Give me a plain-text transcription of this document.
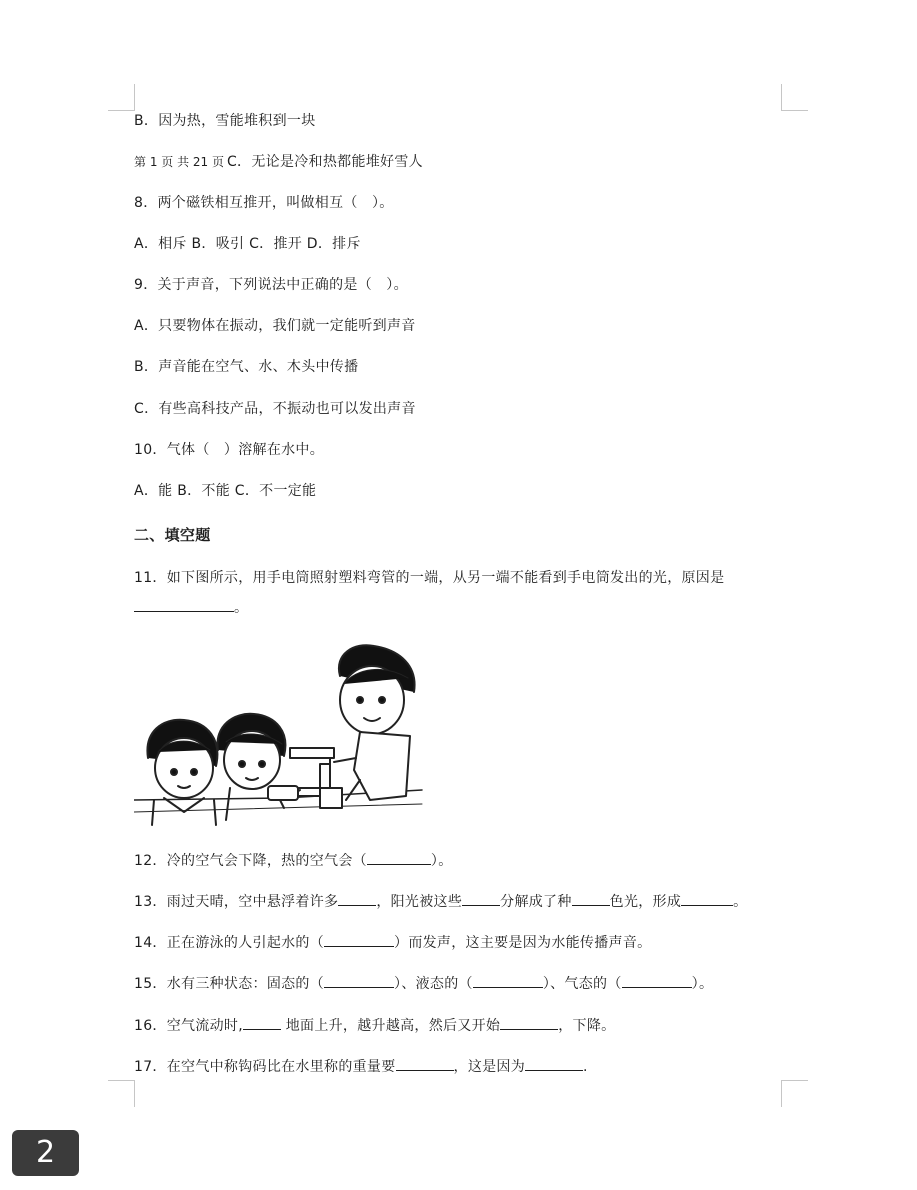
B．因为热，雪能堆积到一块
第 1 页 共 21 页 C．无论是冷和热都能堆好雪人
8．两个磁铁相互推开，叫做相互（　）。
A．相斥 B．吸引 C．推开 D．排斥
9．关于声音，下列说法中正确的是（　）。
A．只要物体在振动，我们就一定能听到声音
B．声音能在空气、水、木头中传播
C．有些高科技产品，不振动也可以发出声音
10．气体（　）溶解在水中。
A．能 B．不能 C．不一定能
二、填空题
11．如下图所示，用手电筒照射塑料弯管的一端，从另一端不能看到手电筒发出的光，原因是
。
12．冷的空气会下降，热的空气会（	）。
13．雨过天晴，空中悬浮着许多	，阳光被这些	分解成了种	色光，形成	。
14．正在游泳的人引起水的（	）而发声，这主要是因为水能传播声音。
15．水有三种状态：固态的（	）、液态的（	）、气态的（	）。
16．空气流动时,	地面上升，越升越高，然后又开始	，下降。
17．在空气中称钩码比在水里称的重量要	，这是因为	.
2
